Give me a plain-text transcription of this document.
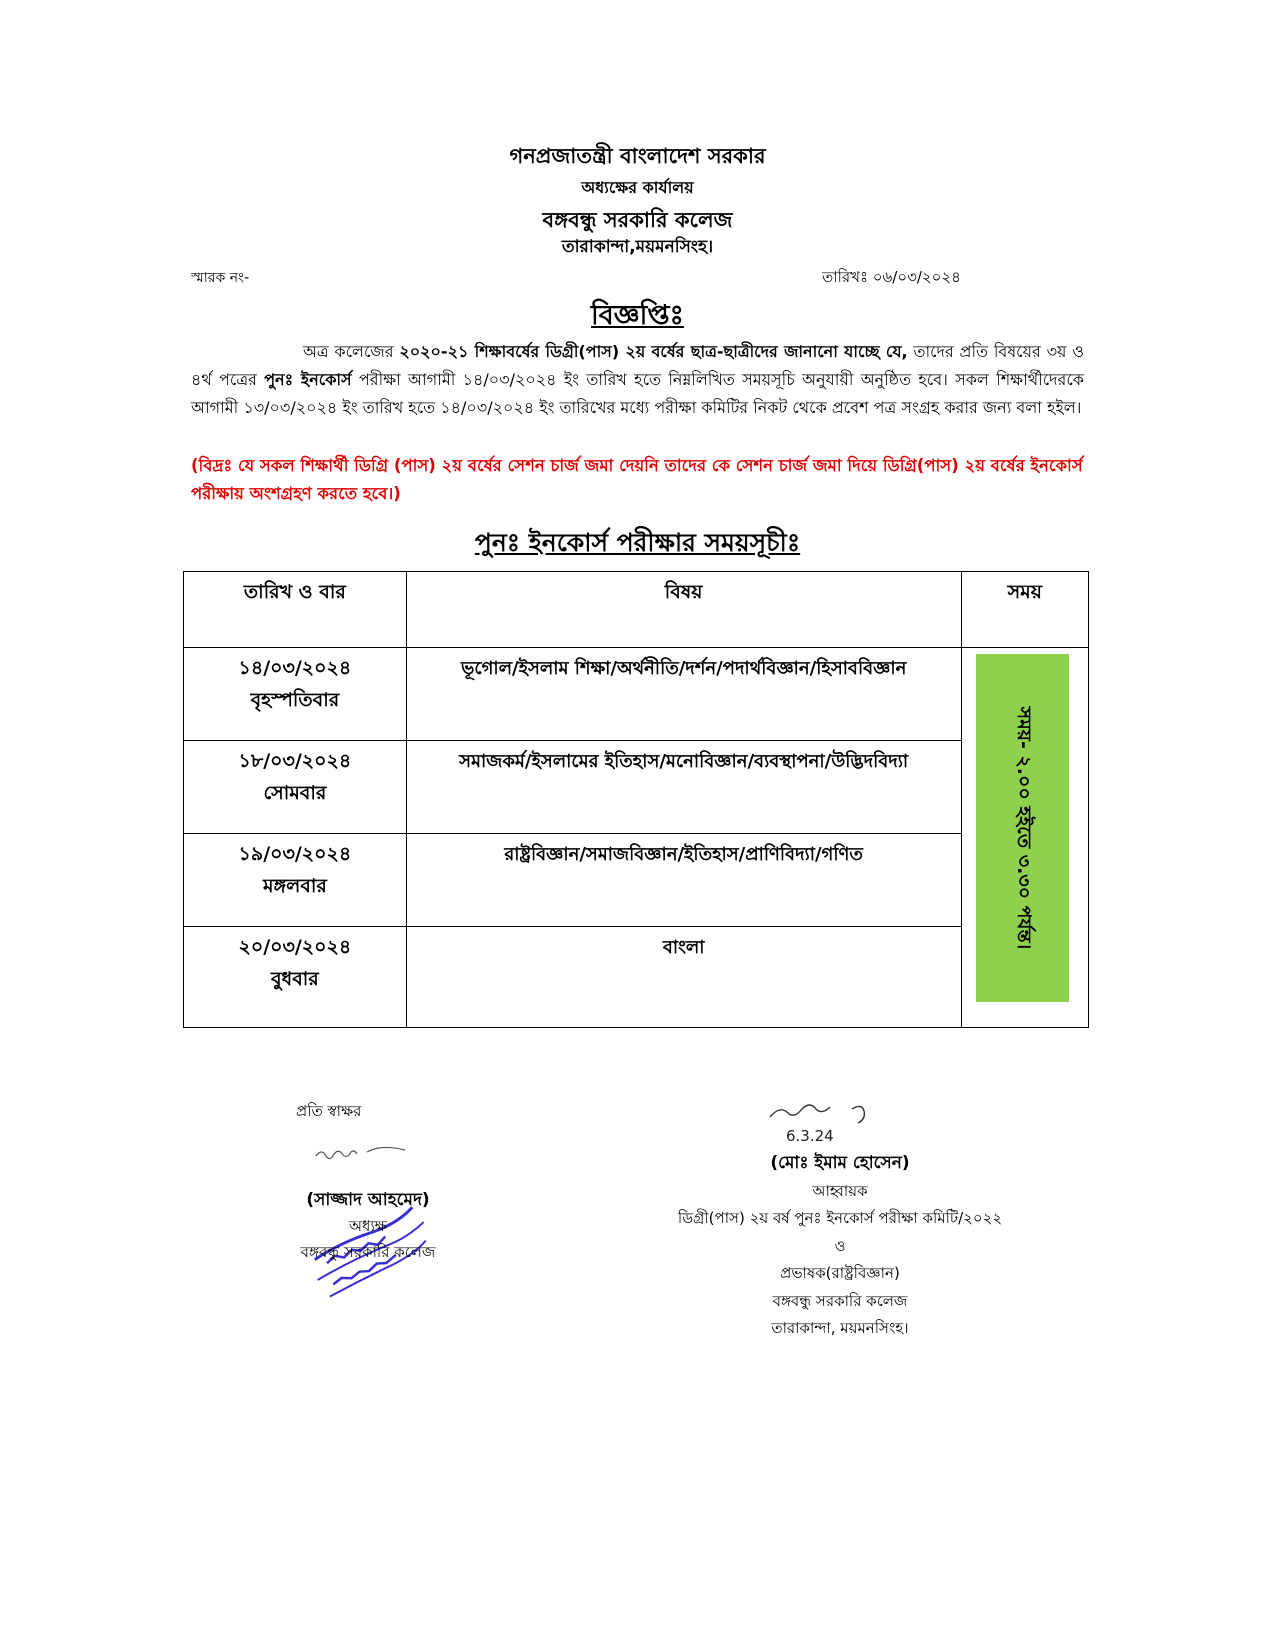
গনপ্রজাতন্ত্রী বাংলাদেশ সরকার
অধ্যক্ষের কার্যালয়
বঙ্গবন্ধু সরকারি কলেজ
তারাকান্দা,ময়মনসিংহ।
স্মারক নং-	তারিখঃ ০৬/০৩/২০২৪
বিজ্ঞপ্তিঃ
অত্র কলেজের ২০২০-২১ শিক্ষাবর্ষের ডিগ্রী(পাস) ২য় বর্ষের ছাত্র-ছাত্রীদের জানানো যাচ্ছে যে, তাদের প্রতি বিষয়ের ৩য় ও ৪র্থ পত্রের পুনঃ ইনকোর্স পরীক্ষা আগামী ১৪/০৩/২০২৪ ইং তারিখ হতে নিম্নলিখিত সময়সূচি অনুযায়ী অনুষ্ঠিত হবে। সকল শিক্ষার্থীদেরকে আগামী ১৩/০৩/২০২৪ ইং তারিখ হতে ১৪/০৩/২০২৪ ইং তারিখের মধ্যে পরীক্ষা কমিটির নিকট থেকে প্রবেশ পত্র সংগ্রহ করার জন্য বলা হইল।
(বিদ্রঃ যে সকল শিক্ষার্থী ডিগ্রি (পাস) ২য় বর্ষের সেশন চার্জ জমা দেয়নি তাদের কে সেশন চার্জ জমা দিয়ে ডিগ্রি(পাস) ২য় বর্ষের ইনকোর্স পরীক্ষায় অংশগ্রহণ করতে হবে।)
পুনঃ ইনকোর্স পরীক্ষার সময়সূচীঃ
তারিখ ও বার	বিষয়	সময়

১৪/০৩/২০২৪
বৃহস্পতিবার	ভূগোল/ইসলাম শিক্ষা/অর্থনীতি/দর্শন/পদার্থবিজ্ঞান/হিসাববিজ্ঞান	সময়- ২.০০ হইতে ৩.৩০ পর্যন্ত।

১৮/০৩/২০২৪
সোমবার	সমাজকর্ম/ইসলামের ইতিহাস/মনোবিজ্ঞান/ব্যবস্থাপনা/উদ্ভিদবিদ্যা	

১৯/০৩/২০২৪
মঙ্গলবার	রাষ্ট্রবিজ্ঞান/সমাজবিজ্ঞান/ইতিহাস/প্রাণিবিদ্যা/গণিত	

২০/০৩/২০২৪
বুধবার	বাংলা	
প্রতি স্বাক্ষর
(সাজ্জাদ আহমেদ)
অধ্যক্ষ
বঙ্গবন্ধু সরকারি কলেজ
6.3.24
(মোঃ ইমাম হোসেন)
আহ্বায়ক
ডিগ্রী(পাস) ২য় বর্ষ পুনঃ ইনকোর্স পরীক্ষা কমিটি/২০২২
ও
প্রভাষক(রাষ্ট্রবিজ্ঞান)
বঙ্গবন্ধু সরকারি কলেজ
তারাকান্দা, ময়মনসিংহ।
